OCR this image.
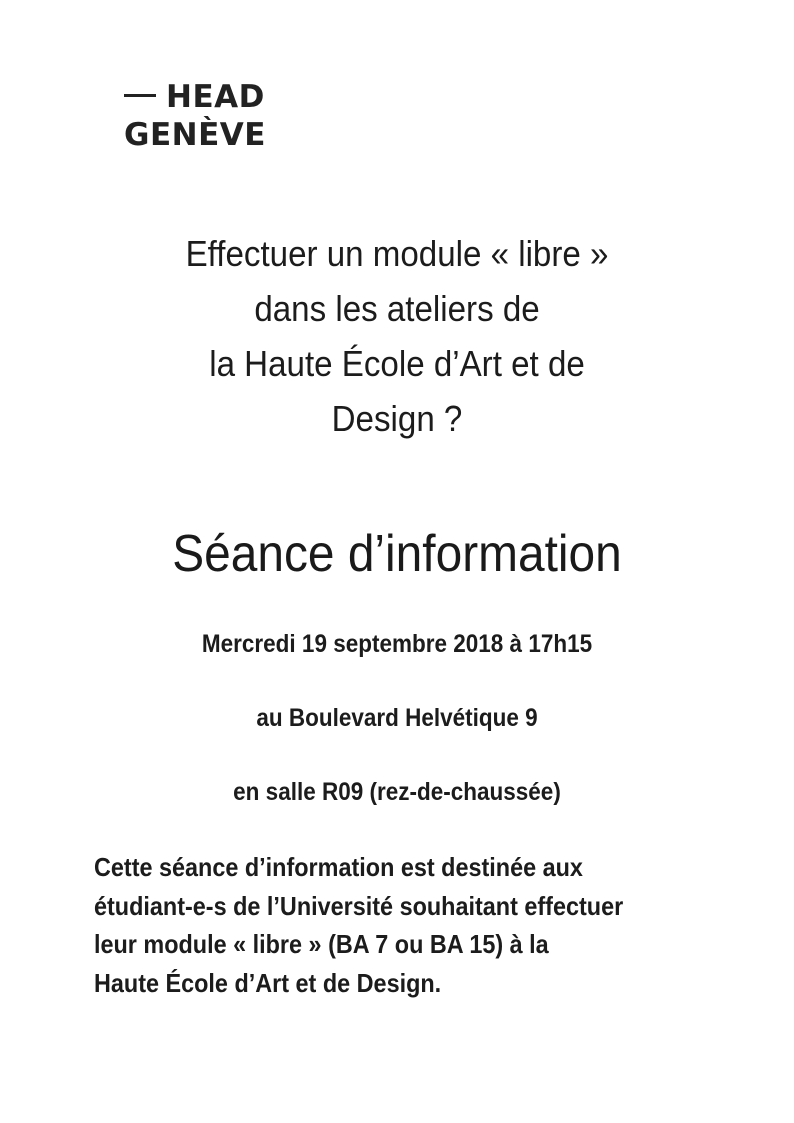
HEAD
GENÈVE
Effectuer un module « libre »
dans les ateliers de
la Haute École d’Art et de
Design ?
Séance d’information
Mercredi 19 septembre 2018 à 17h15
au Boulevard Helvétique 9
en salle R09 (rez-de-chaussée)
Cette séance d’information est destinée aux
étudiant-e-s de l’Université souhaitant effectuer
leur module « libre » (BA 7 ou BA 15) à la
Haute École d’Art et de Design.
